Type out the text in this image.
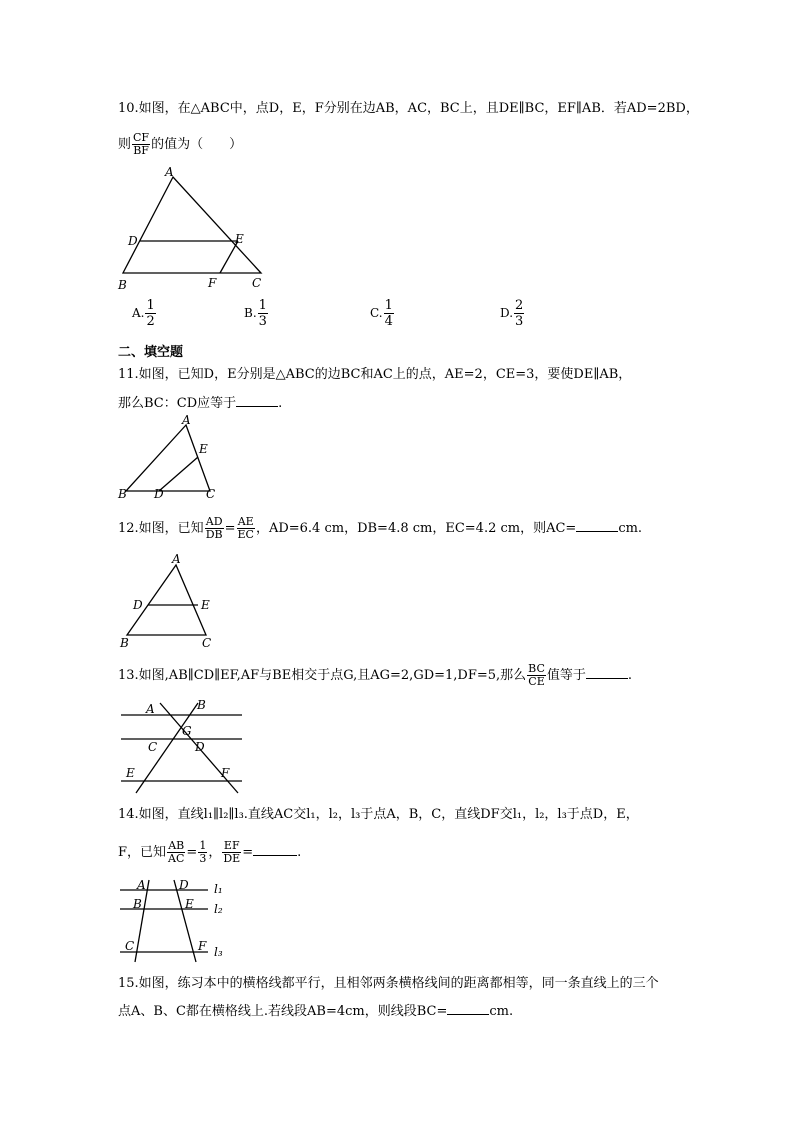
10.如图，在△ABC中，点D，E，F分别在边AB，AC，BC上，且DE∥BC，EF∥AB．若AD=2BD，
则 $\frac{CF}{BF}$ 的值为（　　）
A
D	E
B	F	C
A. $\frac{1}{2}$	B. $\frac{1}{3}$	C. $\frac{1}{4}$	D. $\frac{2}{3}$
二、填空题
11.如图，已知D，E分别是△ABC的边BC和AC上的点，AE=2，CE=3，要使DE∥AB，
那么BC：CD应等于	.
A
E
B D	C
12.如图，已知 $\frac{AD}{DB} = \frac{AE}{EC}$ ，AD=6.4 cm，DB=4.8 cm，EC=4.2 cm，则AC=	cm.
A
D	E
B	C
13.如图,AB∥CD∥EF,AF与BE相交于点G,且AG=2,GD=1,DF=5,那么 $\frac{BC}{CE}$ 值等于	.
A	B
G
C	D
E	F
14.如图，直线l₁∥l₂∥l₃.直线AC交l₁，l₂，l₃于点A，B，C，直线DF交l₁，l₂，l₃于点D，E，
F，已知 $\frac{AB}{AC} = \frac{1}{3}$ ， $\frac{EF}{DE}$ =	.
A	D l₁
B	E l₂
C	F l₃
15.如图，练习本中的横格线都平行，且相邻两条横格线间的距离都相等，同一条直线上的三个
点A、B、C都在横格线上.若线段AB=4cm，则线段BC=	cm.
